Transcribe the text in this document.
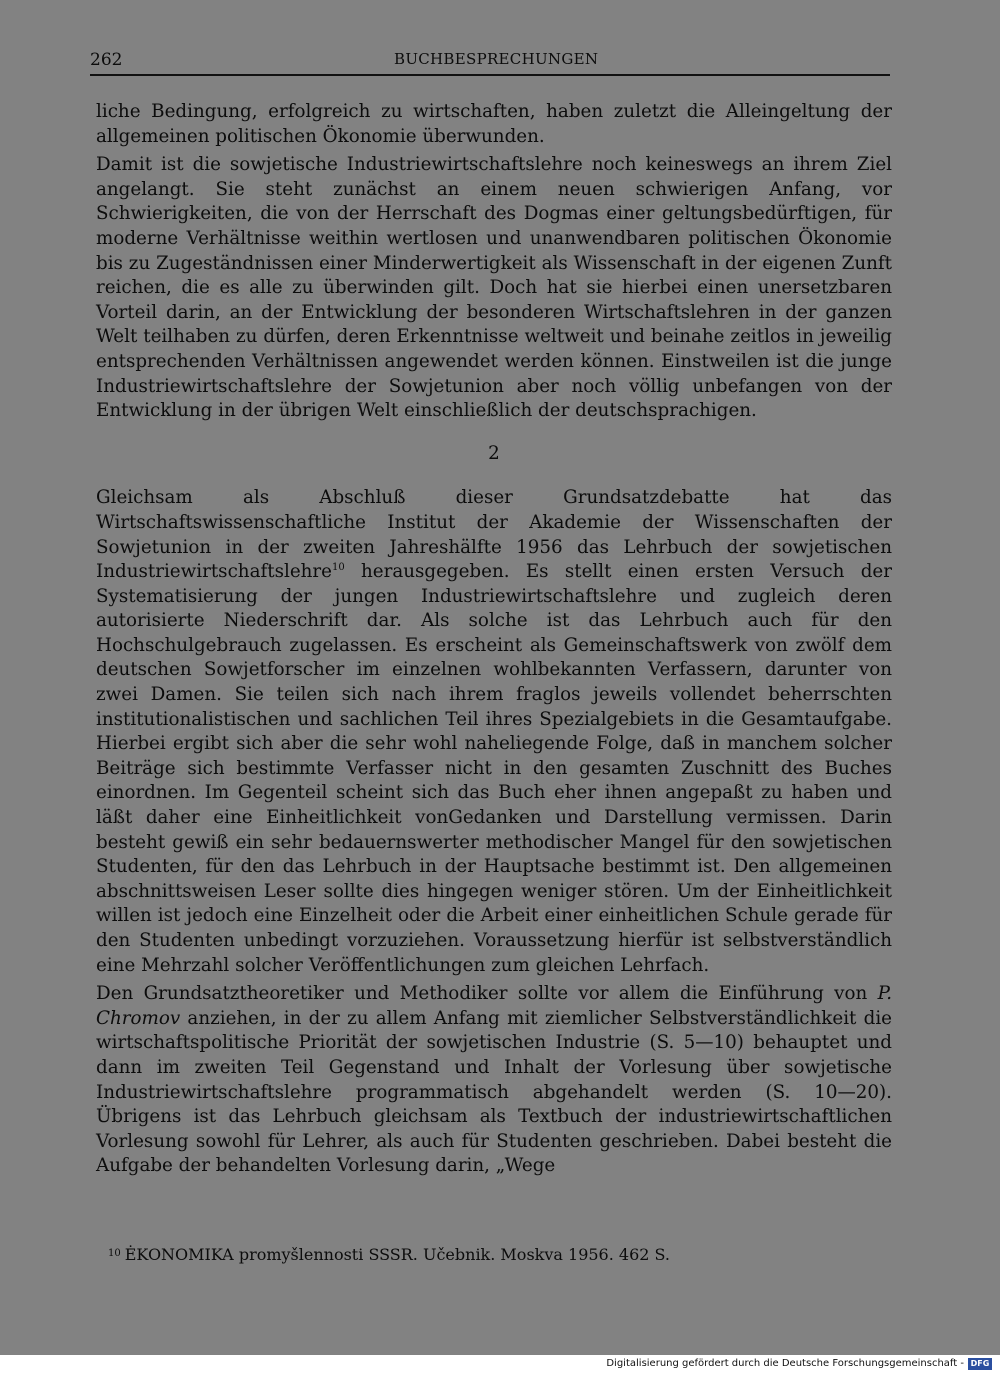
262	BUCHBESPRECHUNGEN

liche Bedingung, erfolgreich zu wirtschaften, haben zuletzt die Alleingeltung der allgemeinen politischen Ökonomie überwunden.

Damit ist die sowjetische Industriewirtschaftslehre noch keineswegs an ihrem Ziel angelangt. Sie steht zunächst an einem neuen schwierigen Anfang, vor Schwierigkeiten, die von der Herrschaft des Dogmas einer geltungsbedürftigen, für moderne Verhältnisse weithin wertlosen und unanwendbaren politischen Ökonomie bis zu Zugeständnissen einer Minderwertigkeit als Wissenschaft in der eigenen Zunft reichen, die es alle zu überwinden gilt. Doch hat sie hierbei einen unersetzbaren Vorteil darin, an der Entwicklung der besonderen Wirtschaftslehren in der ganzen Welt teilhaben zu dürfen, deren Erkenntnisse weltweit und beinahe zeitlos in jeweilig entsprechenden Verhältnissen angewendet werden können. Einstweilen ist die junge Industriewirtschaftslehre der Sowjetunion aber noch völlig unbefangen von der Entwicklung in der übrigen Welt einschließlich der deutschsprachigen.

2

Gleichsam als Abschluß dieser Grundsatzdebatte hat das Wirtschaftswissenschaftliche Institut der Akademie der Wissenschaften der Sowjetunion in der zweiten Jahreshälfte 1956 das Lehrbuch der sowjetischen Industriewirtschaftslehre$^{10}$ herausgegeben. Es stellt einen ersten Versuch der Systematisierung der jungen Industriewirtschaftslehre und zugleich deren autorisierte Niederschrift dar. Als solche ist das Lehrbuch auch für den Hochschulgebrauch zugelassen. Es erscheint als Gemeinschaftswerk von zwölf dem deutschen Sowjetforscher im einzelnen wohlbekannten Verfassern, darunter von zwei Damen. Sie teilen sich nach ihrem fraglos jeweils vollendet beherrschten institutionalistischen und sachlichen Teil ihres Spezialgebiets in die Gesamtaufgabe. Hierbei ergibt sich aber die sehr wohl naheliegende Folge, daß in manchem solcher Beiträge sich bestimmte Verfasser nicht in den gesamten Zuschnitt des Buches einordnen. Im Gegenteil scheint sich das Buch eher ihnen angepaßt zu haben und läßt daher eine Einheitlichkeit vonGedanken und Darstellung vermissen. Darin besteht gewiß ein sehr bedauernswerter methodischer Mangel für den sowjetischen Studenten, für den das Lehrbuch in der Hauptsache bestimmt ist. Den allgemeinen abschnittsweisen Leser sollte dies hingegen weniger stören. Um der Einheitlichkeit willen ist jedoch eine Einzelheit oder die Arbeit einer einheitlichen Schule gerade für den Studenten unbedingt vorzuziehen. Voraussetzung hierfür ist selbstverständlich eine Mehrzahl solcher Veröffentlichungen zum gleichen Lehrfach.

Den Grundsatztheoretiker und Methodiker sollte vor allem die Einführung von P. Chromov anziehen, in der zu allem Anfang mit ziemlicher Selbstverständlichkeit die wirtschaftspolitische Priorität der sowjetischen Industrie (S. 5—10) behauptet und dann im zweiten Teil Gegenstand und Inhalt der Vorlesung über sowjetische Industriewirtschaftslehre programmatisch abgehandelt werden (S. 10—20). Übrigens ist das Lehrbuch gleichsam als Textbuch der industriewirtschaftlichen Vorlesung sowohl für Lehrer, als auch für Studenten geschrieben. Dabei besteht die Aufgabe der behandelten Vorlesung darin, „Wege

$^{10}$ ĖKONOMIKA promyšlennosti SSSR. Učebnik. Moskva 1956. 462 S.
Digitalisierung gefördert durch die Deutsche Forschungsgemeinschaft - DFG
